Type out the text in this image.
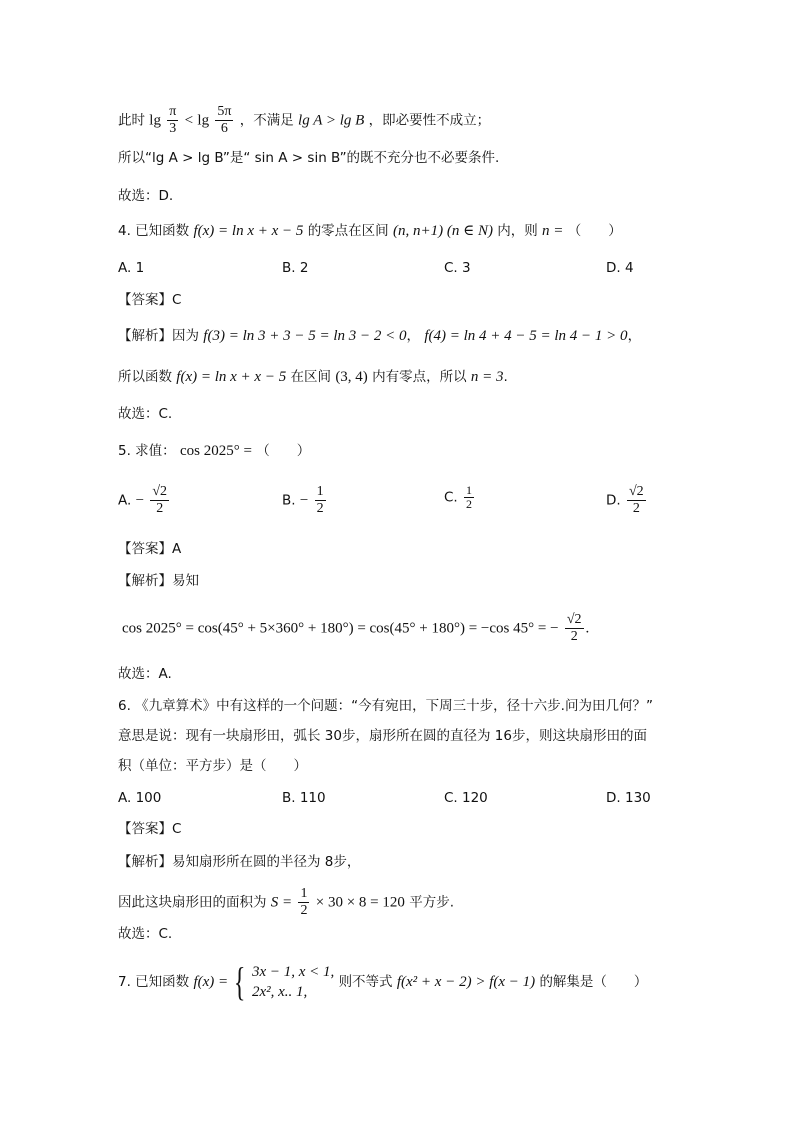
此时 $\lg \frac{\pi}{3} < \lg \frac{5\pi}{6}$ ，不满足 lg A > lg B ，即必要性不成立；
所以“lg A > lg B”是“ sin A > sin B”的既不充分也不必要条件.
故选：D.
4. 已知函数 f(x) = ln x + x − 5 的零点在区间 (n, n+1) (n ∈ N) 内，则 n = （　　）
A. 1	B. 2	C. 3	D. 4
【答案】C
【解析】因为 f(3) = ln 3 + 3 − 5 = ln 3 − 2 < 0， f(4) = ln 4 + 4 − 5 = ln 4 − 1 > 0，
所以函数 f(x) = ln x + x − 5 在区间 (3, 4) 内有零点，所以 n = 3.
故选：C.
5. 求值： cos 2025° = （　　）
A. − $\frac{√2}{2}$	B. − $\frac{1}{2}$	C. $\frac{1}{2}$	D. $\frac{√2}{2}$
【答案】A
【解析】易知
cos 2025° = cos(45° + 5×360° + 180°) = cos(45° + 180°) = −cos 45° = − $\frac{√2}{2}$ .
故选：A.
6. 《九章算术》中有这样的一个问题：“今有宛田，下周三十步，径十六步.问为田几何？”
意思是说：现有一块扇形田，弧长 30步，扇形所在圆的直径为 16步，则这块扇形田的面
积（单位：平方步）是（　　）
A. 100	B. 110	C. 120	D. 130
【答案】C
【解析】易知扇形所在圆的半径为 8步，
因此这块扇形田的面积为 $S = \frac{1}{2} \times 30 \times 8 = 120$ 平方步.
故选：C.
7. 已知函数 f(x) = { 3x − 1, x < 1,
2x², x.. 1,
则不等式 f(x² + x − 2) > f(x − 1) 的解集是（　　）
